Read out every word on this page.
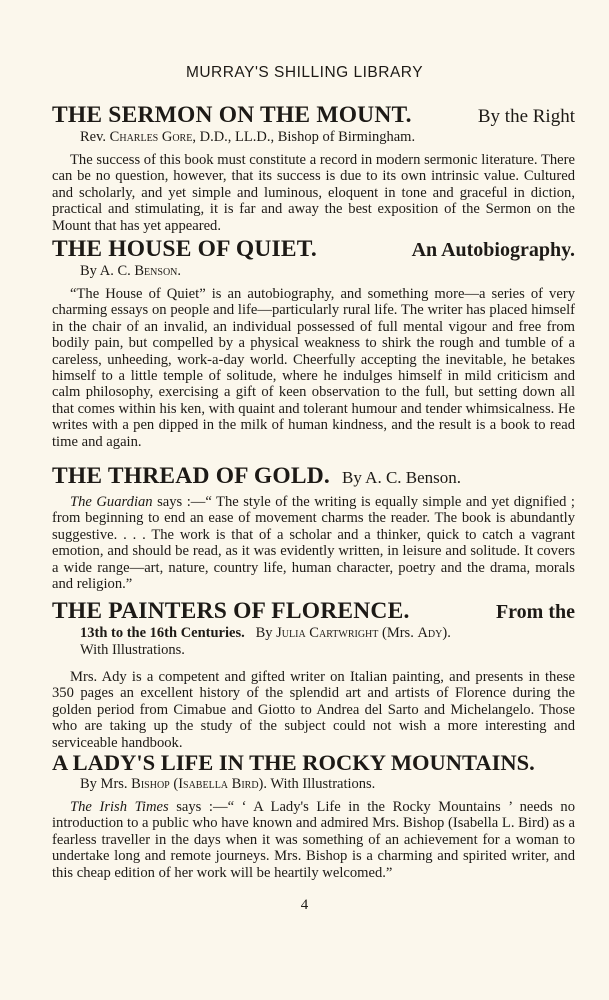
MURRAY'S SHILLING LIBRARY
THE SERMON ON THE MOUNT.	By the Right
Rev. Charles Gore, D.D., LL.D., Bishop of Birmingham.
The success of this book must constitute a record in modern sermonic literature. There can be no question, however, that its success is due to its own intrinsic value. Cultured and scholarly, and yet simple and luminous, eloquent in tone and graceful in diction, practical and stimulating, it is far and away the best exposition of the Sermon on the Mount that has yet appeared.
THE HOUSE OF QUIET.	An Autobiography.
By A. C. Benson.
“The House of Quiet” is an autobiography, and something more—a series of very charming essays on people and life—particularly rural life. The writer has placed himself in the chair of an invalid, an individual possessed of full mental vigour and free from bodily pain, but compelled by a physical weakness to shirk the rough and tumble of a careless, unheeding, work-a-day world. Cheerfully accepting the inevitable, he betakes himself to a little temple of solitude, where he indulges himself in mild criticism and calm philosophy, exercising a gift of keen observation to the full, but setting down all that comes within his ken, with quaint and tolerant humour and tender whimsicalness. He writes with a pen dipped in the milk of human kindness, and the result is a book to read time and again.
THE THREAD OF GOLD. By A. C. Benson.
The Guardian says :—“ The style of the writing is equally simple and yet dignified ; from beginning to end an ease of movement charms the reader. The book is abundantly suggestive. . . . The work is that of a scholar and a thinker, quick to catch a vagrant emotion, and should be read, as it was evidently written, in leisure and solitude. It covers a wide range—art, nature, country life, human character, poetry and the drama, morals and religion.”
THE PAINTERS OF FLORENCE.	From the
13th to the 16th Centuries. By Julia Cartwright (Mrs. Ady).
With Illustrations.
Mrs. Ady is a competent and gifted writer on Italian painting, and presents in these 350 pages an excellent history of the splendid art and artists of Florence during the golden period from Cimabue and Giotto to Andrea del Sarto and Michelangelo. Those who are taking up the study of the subject could not wish a more interesting and serviceable handbook.
A LADY'S LIFE IN THE ROCKY MOUNTAINS.
By Mrs. Bishop (Isabella Bird). With Illustrations.
The Irish Times says :—“ ‘ A Lady's Life in the Rocky Mountains ’ needs no introduction to a public who have known and admired Mrs. Bishop (Isabella L. Bird) as a fearless traveller in the days when it was something of an achievement for a woman to undertake long and remote journeys. Mrs. Bishop is a charming and spirited writer, and this cheap edition of her work will be heartily welcomed.”
4
